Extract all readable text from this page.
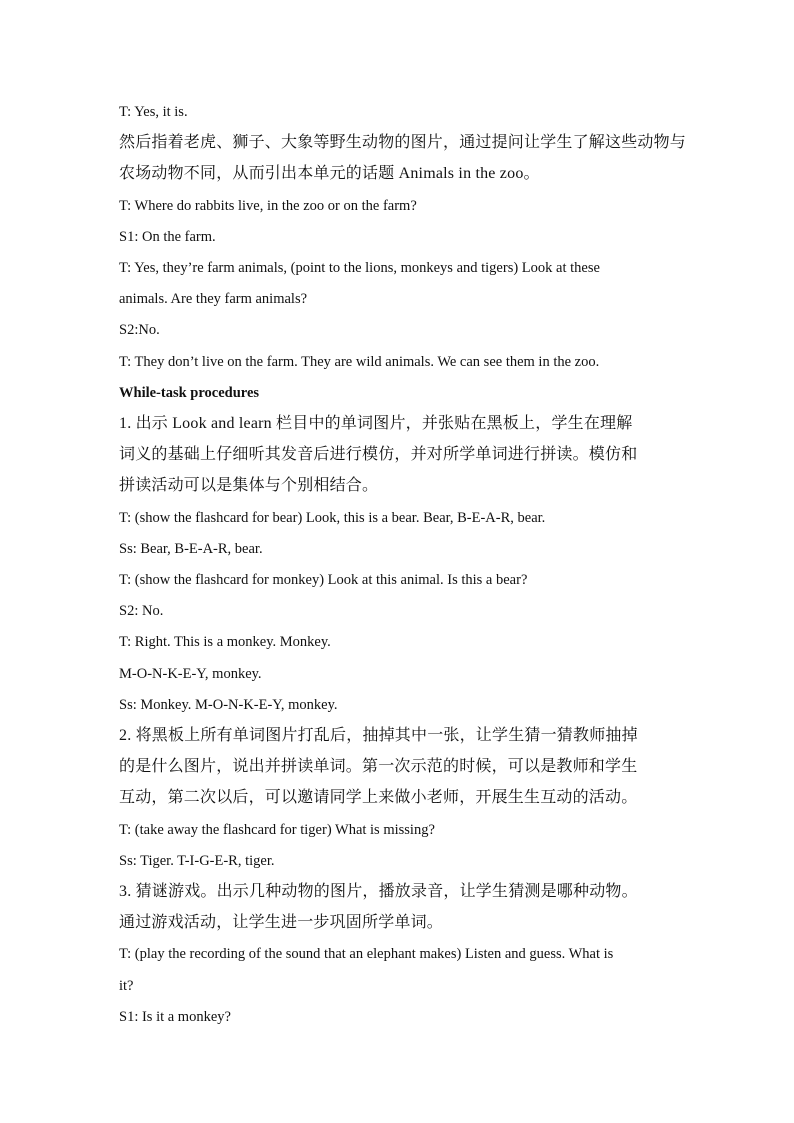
T: Yes, it is.
然后指着老虎、狮子、大象等野生动物的图片，通过提问让学生了解这些动物与
农场动物不同，从而引出本单元的话题 Animals in the zoo。
T: Where do rabbits live, in the zoo or on the farm?
S1: On the farm.
T: Yes, they’re farm animals, (point to the lions, monkeys and tigers) Look at these
animals. Are they farm animals?
S2:No.
T: They don’t live on the farm. They are wild animals. We can see them in the zoo.
While-task procedures
1. 出示 Look and learn 栏目中的单词图片，并张贴在黑板上，学生在理解
词义的基础上仔细听其发音后进行模仿，并对所学单词进行拼读。模仿和
拼读活动可以是集体与个别相结合。
T: (show the flashcard for bear) Look, this is a bear. Bear, B-E-A-R, bear.
Ss: Bear, B-E-A-R, bear.
T: (show the flashcard for monkey) Look at this animal. Is this a bear?
S2: No.
T: Right. This is a monkey. Monkey.
M-O-N-K-E-Y, monkey.
Ss: Monkey. M-O-N-K-E-Y, monkey.
2. 将黑板上所有单词图片打乱后，抽掉其中一张，让学生猜一猜教师抽掉
的是什么图片，说出并拼读单词。第一次示范的时候，可以是教师和学生
互动，第二次以后，可以邀请同学上来做小老师，开展生生互动的活动。
T: (take away the flashcard for tiger) What is missing?
Ss: Tiger. T-I-G-E-R, tiger.
3. 猜谜游戏。出示几种动物的图片，播放录音，让学生猜测是哪种动物。
通过游戏活动，让学生进一步巩固所学单词。
T: (play the recording of the sound that an elephant makes) Listen and guess. What is
it?
S1: Is it a monkey?
